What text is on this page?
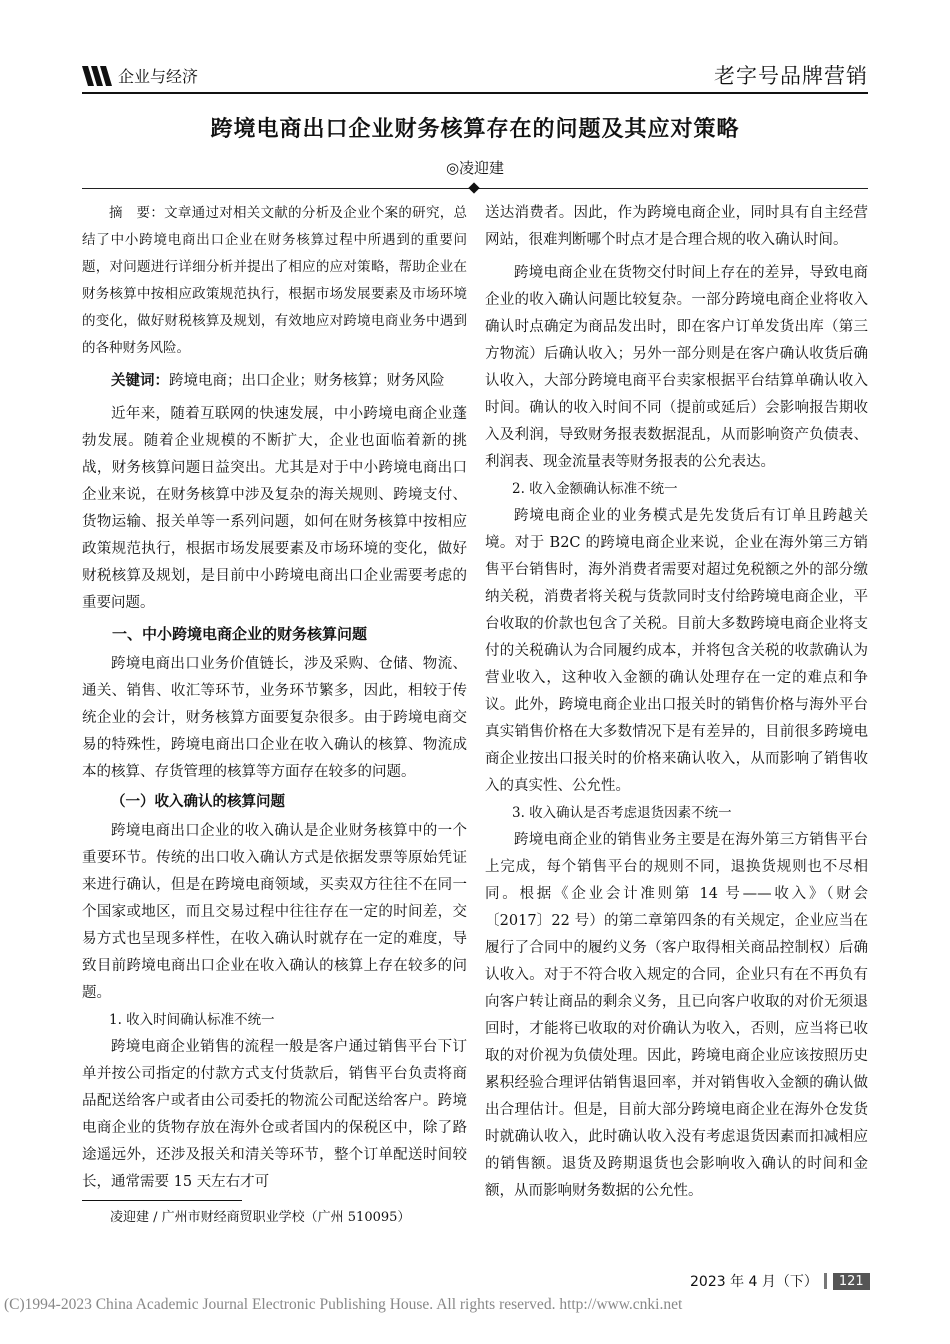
企业与经济	老字号品牌营销
跨境电商出口企业财务核算存在的问题及其应对策略
◎凌迎建

摘　要：文章通过对相关文献的分析及企业个案的研究，总结了中小跨境电商出口企业在财务核算过程中所遇到的重要问题，对问题进行详细分析并提出了相应的应对策略，帮助企业在财务核算中按相应政策规范执行，根据市场发展要素及市场环境的变化，做好财税核算及规划，有效地应对跨境电商业务中遇到的各种财务风险。

关键词：跨境电商；出口企业；财务核算；财务风险

近年来，随着互联网的快速发展，中小跨境电商企业蓬勃发展。随着企业规模的不断扩大，企业也面临着新的挑战，财务核算问题日益突出。尤其是对于中小跨境电商出口企业来说，在财务核算中涉及复杂的海关规则、跨境支付、货物运输、报关单等一系列问题，如何在财务核算中按相应政策规范执行，根据市场发展要素及市场环境的变化，做好财税核算及规划，是目前中小跨境电商出口企业需要考虑的重要问题。

一、中小跨境电商企业的财务核算问题

跨境电商出口业务价值链长，涉及采购、仓储、物流、通关、销售、收汇等环节，业务环节繁多，因此，相较于传统企业的会计，财务核算方面要复杂很多。由于跨境电商交易的特殊性，跨境电商出口企业在收入确认的核算、物流成本的核算、存货管理的核算等方面存在较多的问题。

（一）收入确认的核算问题

跨境电商出口企业的收入确认是企业财务核算中的一个重要环节。传统的出口收入确认方式是依据发票等原始凭证来进行确认，但是在跨境电商领域，买卖双方往往不在同一个国家或地区，而且交易过程中往往存在一定的时间差，交易方式也呈现多样性，在收入确认时就存在一定的难度，导致目前跨境电商出口企业在收入确认的核算上存在较多的问题。

1. 收入时间确认标准不统一

跨境电商企业销售的流程一般是客户通过销售平台下订单并按公司指定的付款方式支付货款后，销售平台负责将商品配送给客户或者由公司委托的物流公司配送给客户。跨境电商企业的货物存放在海外仓或者国内的保税区中，除了路途遥远外，还涉及报关和清关等环节，整个订单配送时间较长，通常需要 15 天左右才可

送达消费者。因此，作为跨境电商企业，同时具有自主经营网站，很难判断哪个时点才是合理合规的收入确认时间。

跨境电商企业在货物交付时间上存在的差异，导致电商企业的收入确认问题比较复杂。一部分跨境电商企业将收入确认时点确定为商品发出时，即在客户订单发货出库（第三方物流）后确认收入；另外一部分则是在客户确认收货后确认收入，大部分跨境电商平台卖家根据平台结算单确认收入时间。确认的收入时间不同（提前或延后）会影响报告期收入及利润，导致财务报表数据混乱，从而影响资产负债表、利润表、现金流量表等财务报表的公允表达。

2. 收入金额确认标准不统一

跨境电商企业的业务模式是先发货后有订单且跨越关境。对于 B2C 的跨境电商企业来说，企业在海外第三方销售平台销售时，海外消费者需要对超过免税额之外的部分缴纳关税，消费者将关税与货款同时支付给跨境电商企业，平台收取的价款也包含了关税。目前大多数跨境电商企业将支付的关税确认为合同履约成本，并将包含关税的收款确认为营业收入，这种收入金额的确认处理存在一定的难点和争议。此外，跨境电商企业出口报关时的销售价格与海外平台真实销售价格在大多数情况下是有差异的，目前很多跨境电商企业按出口报关时的价格来确认收入，从而影响了销售收入的真实性、公允性。

3. 收入确认是否考虑退货因素不统一

跨境电商企业的销售业务主要是在海外第三方销售平台上完成，每个销售平台的规则不同，退换货规则也不尽相同。根据《企业会计准则第 14 号——收入》（财会〔2017〕22 号）的第二章第四条的有关规定，企业应当在履行了合同中的履约义务（客户取得相关商品控制权）后确认收入。对于不符合收入规定的合同，企业只有在不再负有向客户转让商品的剩余义务，且已向客户收取的对价无须退回时，才能将已收取的对价确认为收入，否则，应当将已收取的对价视为负债处理。因此，跨境电商企业应该按照历史累积经验合理评估销售退回率，并对销售收入金额的确认做出合理估计。但是，目前大部分跨境电商企业在海外仓发货时就确认收入，此时确认收入没有考虑退货因素而扣减相应的销售额。退货及跨期退货也会影响收入确认的时间和金额，从而影响财务数据的公允性。

凌迎建 / 广州市财经商贸职业学校（广州 510095）
2023 年 4 月（下）	121
(C)1994-2023 China Academic Journal Electronic Publishing House. All rights reserved. http://www.cnki.net
